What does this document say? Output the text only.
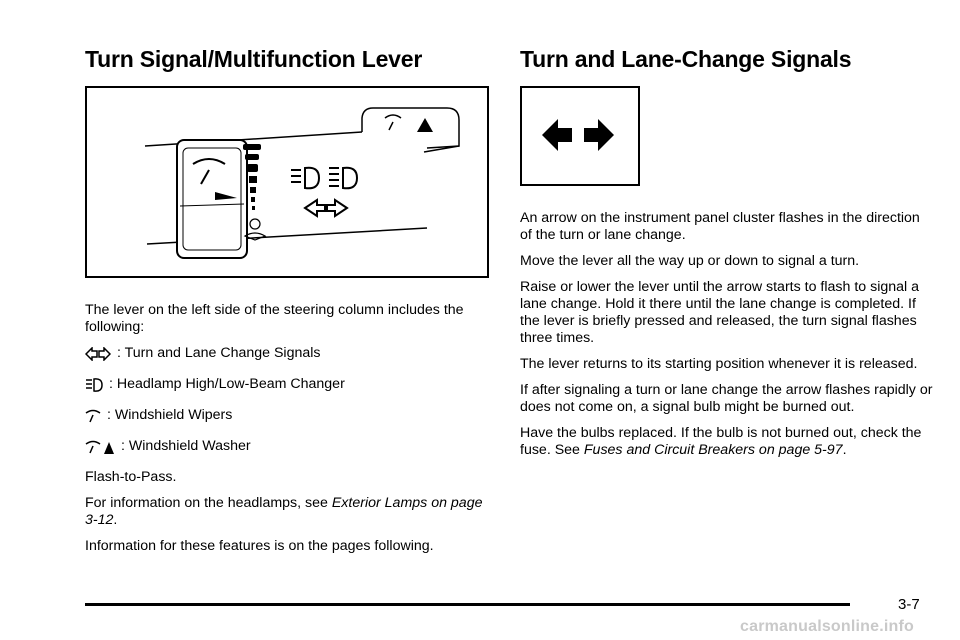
Turn Signal/Multifunction Lever

The lever on the left side of the steering column includes the following:

: Turn and Lane Change Signals
: Headlamp High/Low-Beam Changer
: Windshield Wipers
: Windshield Washer

Flash-to-Pass.

For information on the headlamps, see Exterior Lamps on page 3-12.

Information for these features is on the pages following.

Turn and Lane-Change Signals

An arrow on the instrument panel cluster flashes in the direction of the turn or lane change.

Move the lever all the way up or down to signal a turn.

Raise or lower the lever until the arrow starts to flash to signal a lane change. Hold it there until the lane change is completed. If the lever is briefly pressed and released, the turn signal flashes three times.

The lever returns to its starting position whenever it is released.

If after signaling a turn or lane change the arrow flashes rapidly or does not come on, a signal bulb might be burned out.

Have the bulbs replaced. If the bulb is not burned out, check the fuse. See Fuses and Circuit Breakers on page 5-97.

3-7
carmanualsonline.info
